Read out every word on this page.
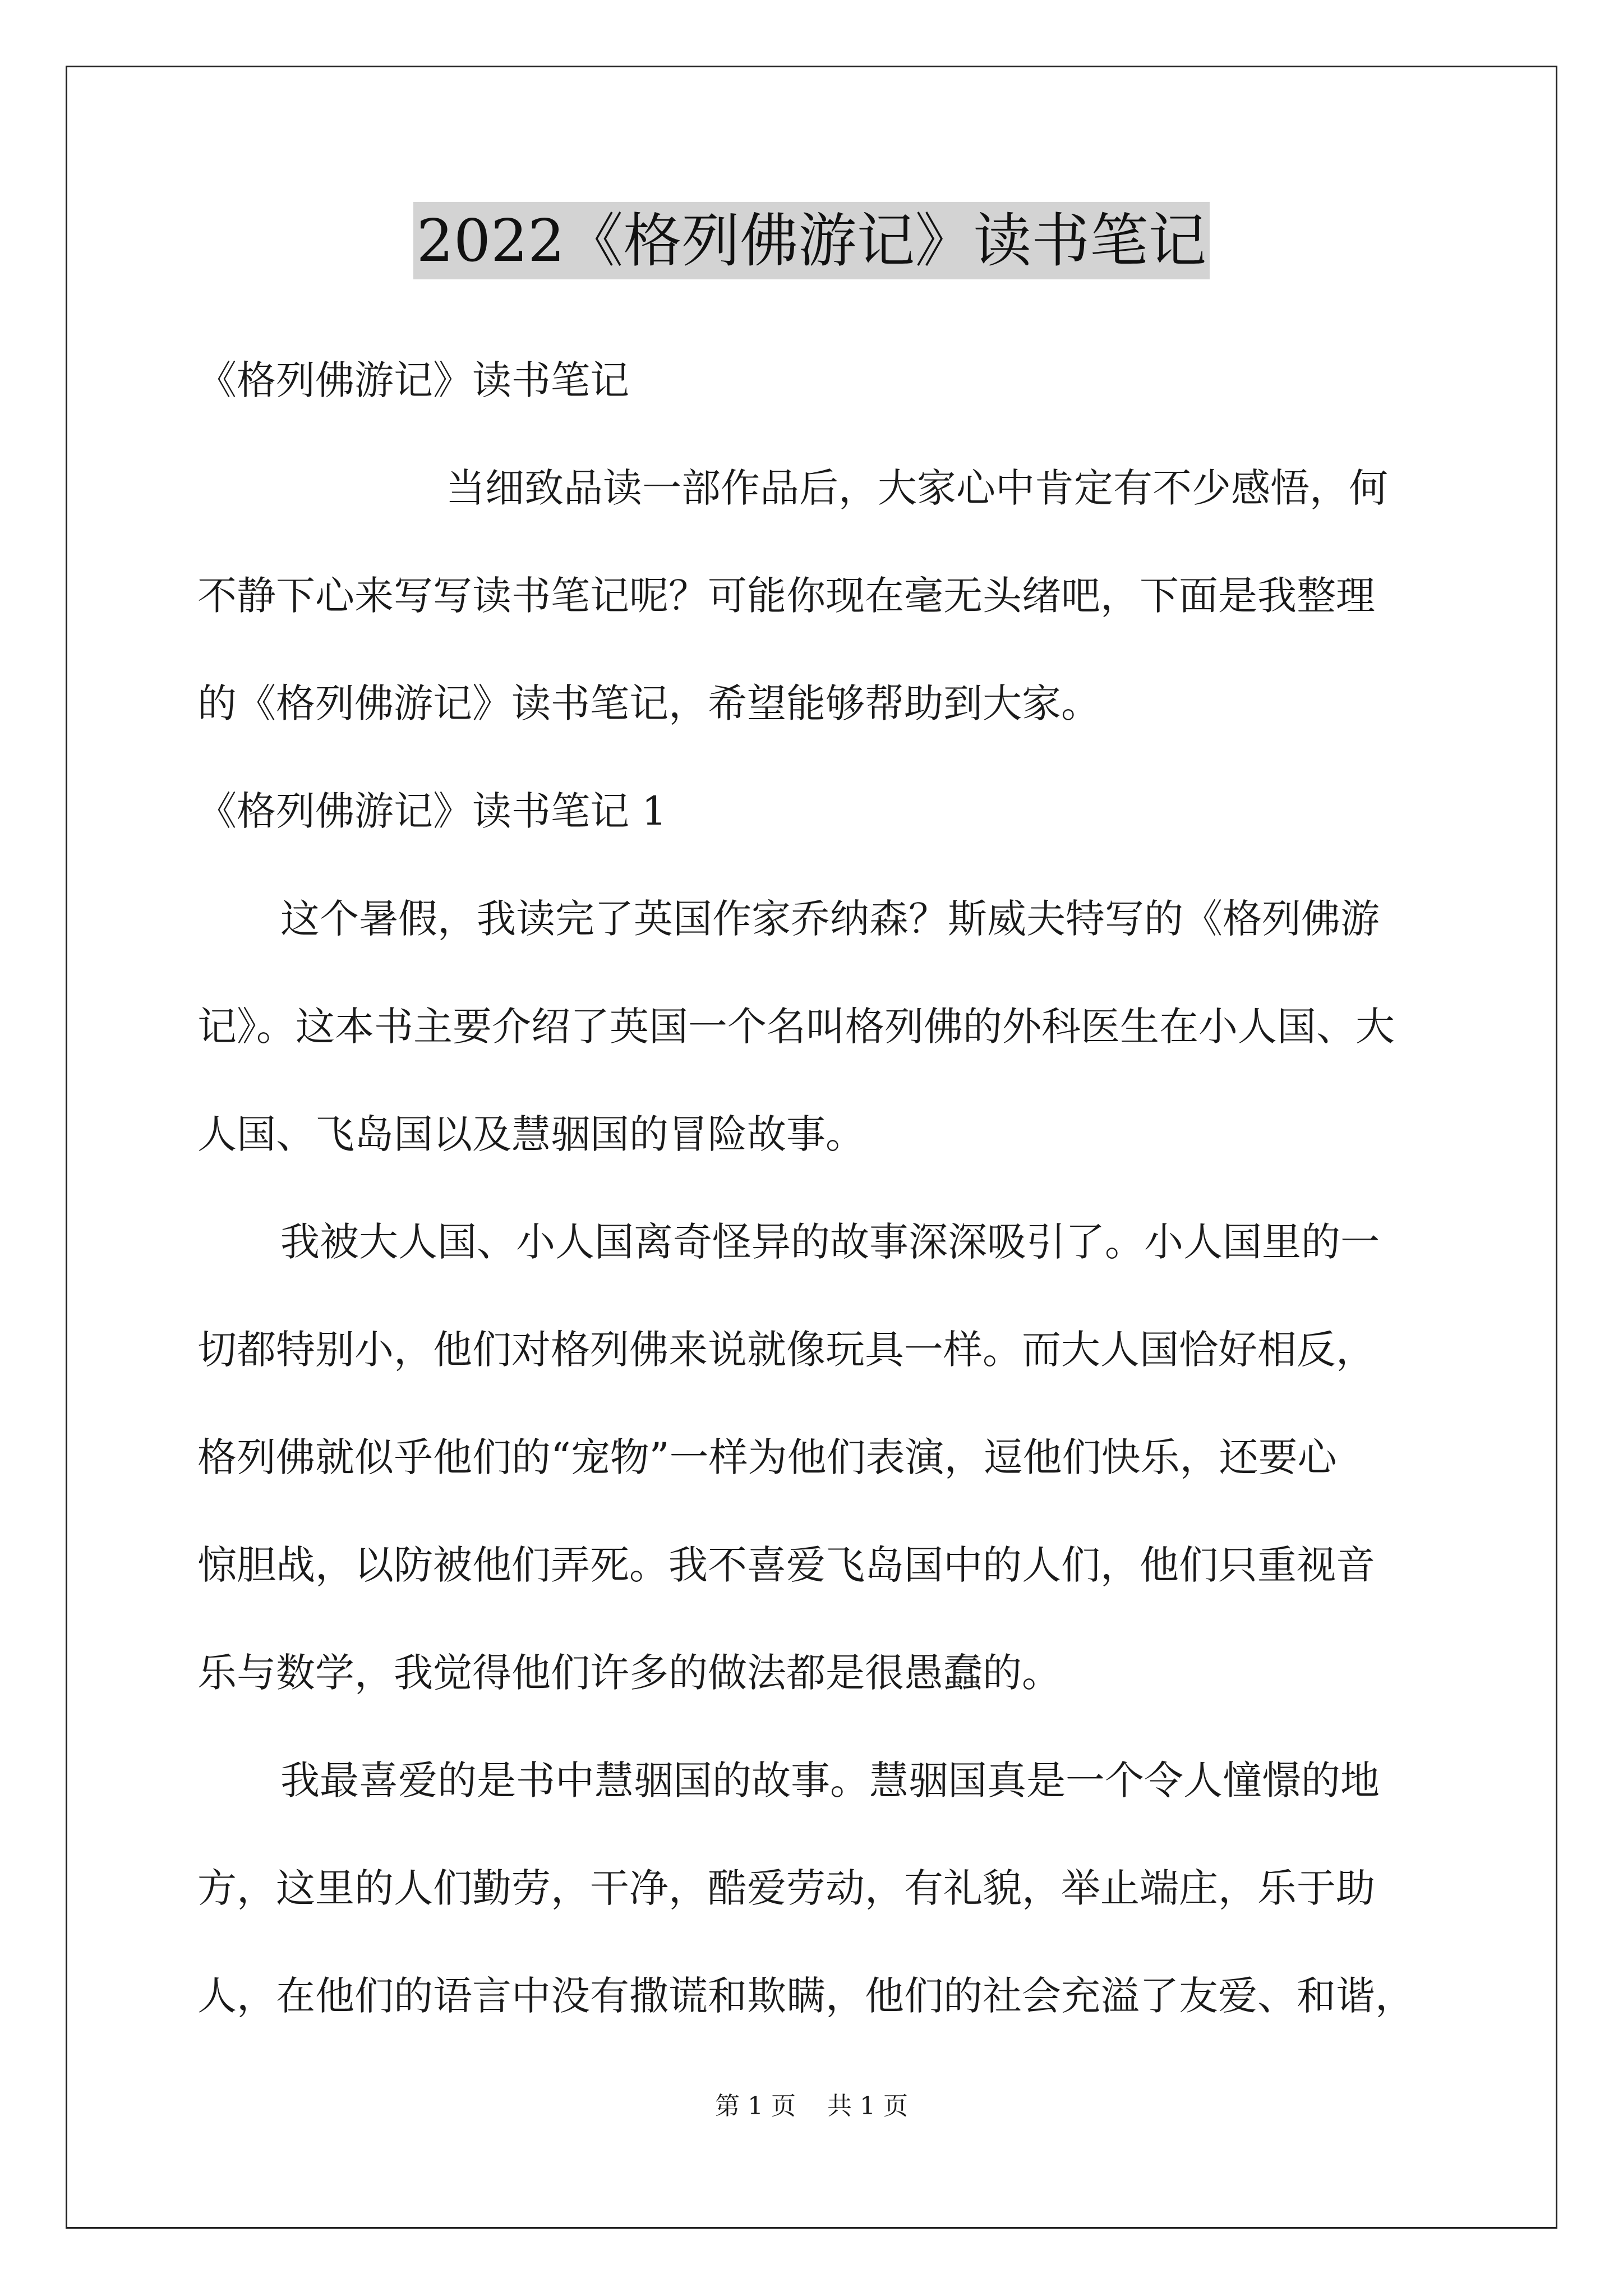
2022《格列佛游记》读书笔记
《格列佛游记》读书笔记
当细致品读一部作品后，大家心中肯定有不少感悟，何
不静下心来写写读书笔记呢？可能你现在毫无头绪吧，下面是我整理
的《格列佛游记》读书笔记，希望能够帮助到大家。
《格列佛游记》读书笔记 1
这个暑假，我读完了英国作家乔纳森？斯威夫特写的《格列佛游
记》。这本书主要介绍了英国一个名叫格列佛的外科医生在小人国、大
人国、飞岛国以及慧骃国的冒险故事。
我被大人国、小人国离奇怪异的故事深深吸引了。小人国里的一
切都特别小，他们对格列佛来说就像玩具一样。而大人国恰好相反，
格列佛就似乎他们的“宠物”一样为他们表演，逗他们快乐，还要心
惊胆战，以防被他们弄死。我不喜爱飞岛国中的人们，他们只重视音
乐与数学，我觉得他们许多的做法都是很愚蠢的。
我最喜爱的是书中慧骃国的故事。慧骃国真是一个令人憧憬的地
方，这里的人们勤劳，干净，酷爱劳动，有礼貌，举止端庄，乐于助
人，在他们的语言中没有撒谎和欺瞒，他们的社会充溢了友爱、和谐，
第 1 页 共 1 页
